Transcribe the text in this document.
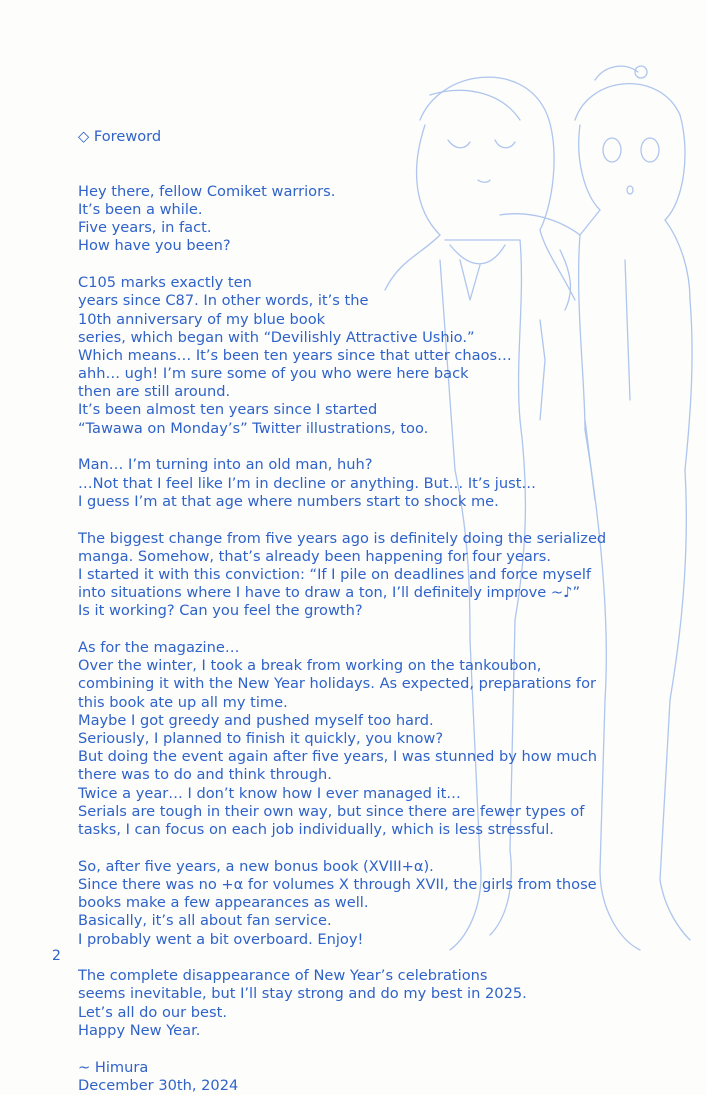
◇ Foreword

Hey there, fellow Comiket warriors.
It’s been a while.
Five years, in fact.
How have you been?
C105 marks exactly ten
years since C87. In other words, it’s the
10th anniversary of my blue book
series, which began with “Devilishly Attractive Ushio.”
Which means… It’s been ten years since that utter chaos…
ahh… ugh! I’m sure some of you who were here back
then are still around.
It’s been almost ten years since I started
“Tawawa on Monday’s” Twitter illustrations, too.
Man… I’m turning into an old man, huh?
…Not that I feel like I’m in decline or anything. But… It’s just…
I guess I’m at that age where numbers start to shock me.
The biggest change from five years ago is definitely doing the serialized
manga. Somehow, that’s already been happening for four years.
I started it with this conviction: “If I pile on deadlines and force myself
into situations where I have to draw a ton, I’ll definitely improve ~♪”
Is it working? Can you feel the growth?
As for the magazine…
Over the winter, I took a break from working on the tankoubon,
combining it with the New Year holidays. As expected, preparations for
this book ate up all my time.
Maybe I got greedy and pushed myself too hard.
Seriously, I planned to finish it quickly, you know?
But doing the event again after five years, I was stunned by how much
there was to do and think through.
Twice a year… I don’t know how I ever managed it…
Serials are tough in their own way, but since there are fewer types of
tasks, I can focus on each job individually, which is less stressful.
So, after five years, a new bonus book (XVIII+α).
Since there was no +α for volumes X through XVII, the girls from those
books make a few appearances as well.
Basically, it’s all about fan service.
I probably went a bit overboard. Enjoy!
The complete disappearance of New Year’s celebrations
seems inevitable, but I’ll stay strong and do my best in 2025.
Let’s all do our best.
Happy New Year.
~ Himura
December 30th, 2024
2
